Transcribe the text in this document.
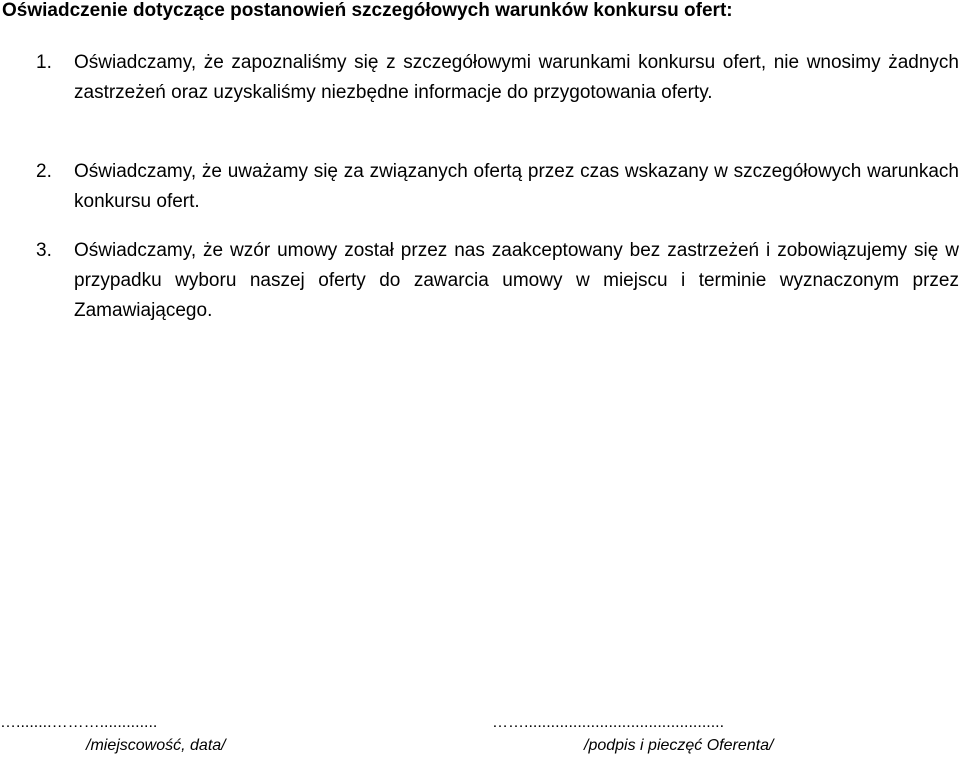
Oświadczenie dotyczące postanowień szczegółowych warunków konkursu ofert:
1.	Oświadczamy, że zapoznaliśmy się z szczegółowymi warunkami konkursu ofert, nie wnosimy żadnych zastrzeżeń oraz uzyskaliśmy niezbędne informacje do przygotowania oferty.
2.	Oświadczamy, że uważamy się za związanych ofertą przez czas wskazany w szczegółowych warunkach konkursu ofert.
3.	Oświadczamy, że wzór umowy został przez nas zaakceptowany bez zastrzeżeń i zobowiązujemy się w przypadku wyboru naszej oferty do zawarcia umowy w miejscu i terminie wyznaczonym przez Zamawiającego.
…........……….............	…….............................................
/miejscowość, data/	/podpis i pieczęć Oferenta/
